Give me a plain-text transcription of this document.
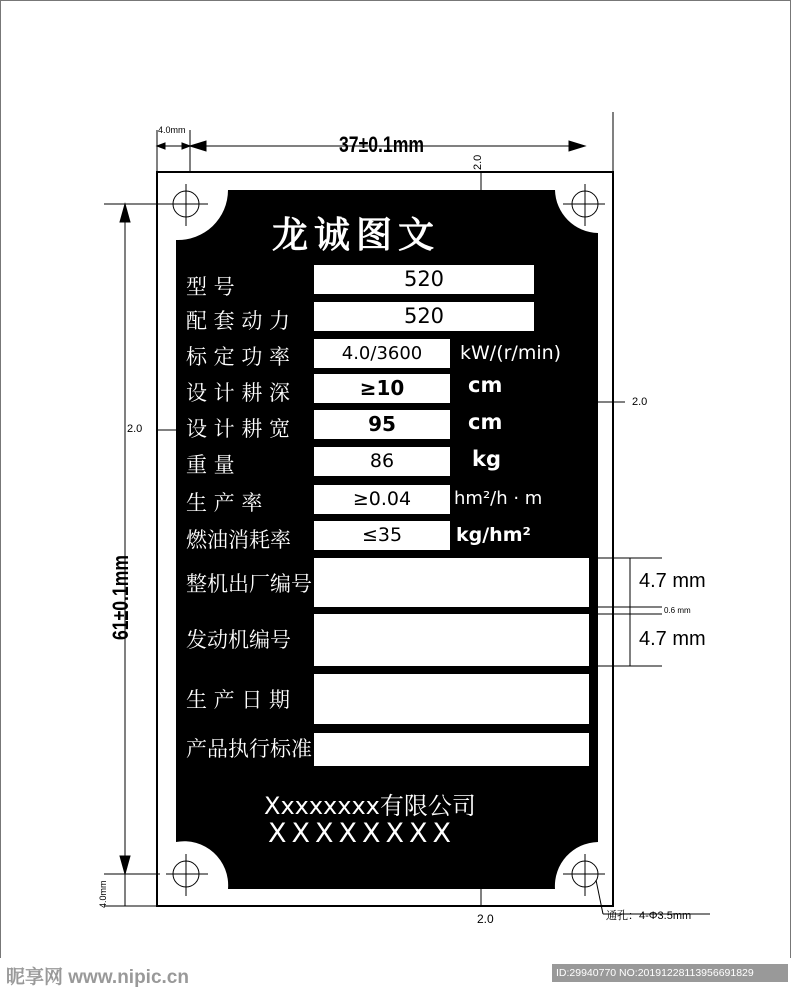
4.0mm
37±0.1mm
2.0
61±0.1mm
2.0
2.0
4.0mm
2.0
4.7 mm
0.6 mm
4.7 mm
通孔：4-Φ3.5mm
龙诚图文
型 号	520
配 套 动 力	520
标 定 功 率	4.0/3600	kW/(r/min)
设 计 耕 深	≥10	cm
设 计 耕 宽	95	cm
重 量	86	kg
生 产 率	≥0.04	hm²/h · m
燃油消耗率	≤35	kg/hm²
整机出厂编号
发动机编号
生 产 日 期
产品执行标准
Xxxxxxxx有限公司
XXXXXXXX
昵享网 www.nipic.cn	ID:29940770 NO:20191228113956691829
